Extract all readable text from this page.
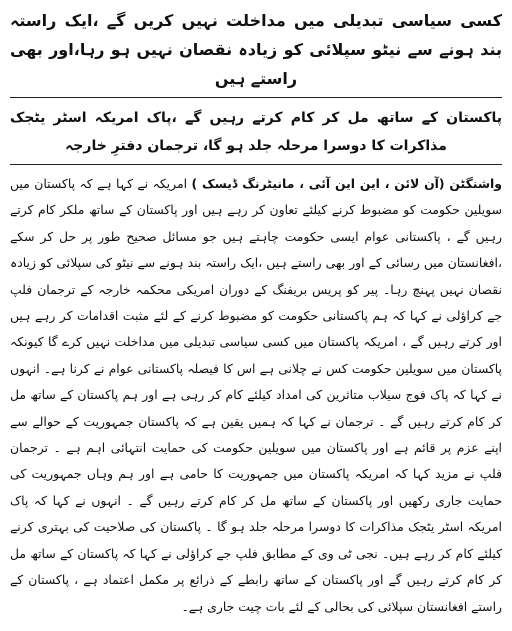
کسی سیاسی تبدیلی میں مداخلت نہیں کریں گے ،ایک راستہ بند ہونے سے نیٹو سپلائی کو زیادہ نقصان نہیں ہو رہا،اور بھی راستے ہیں

پاکستان کے ساتھ مل کر کام کرتے رہیں گے ،پاک امریکہ اسٹر یٹجک مذاکرات کا دوسرا مرحلہ جلد ہو گا، ترجمان دفترِ خارجہ

واشنگٹن (آن لائن ، این این آئی ، مانیٹرنگ ڈیسک ) امریکہ نے کہا ہے کہ پاکستان میں سویلین حکومت کو مضبوط کرنے کیلئے تعاون کر رہے ہیں اور پاکستان کے ساتھ ملکر کام کرتے رہیں گے ، پاکستانی عوام ایسی حکومت چاہتے ہیں جو مسائل صحیح طور پر حل کر سکے ،افغانستان میں رسائی کے اور بھی راستے ہیں ،ایک راستہ بند ہونے سے نیٹو کی سپلائی کو زیادہ نقصان نہیں پہنچ رہا۔ پیر کو پریس بریفنگ کے دوران امریکی محکمہ خارجہ کے ترجمان فلپ جے کراؤلی نے کہا کہ ہم پاکستانی حکومت کو مضبوط کرنے کے لئے مثبت اقدامات کر رہے ہیں اور کرتے رہیں گے ، امریکہ پاکستان میں کسی سیاسی تبدیلی میں مداخلت نہیں کرے گا کیونکہ پاکستان میں سویلین حکومت کس نے چلانی ہے اس کا فیصلہ پاکستانی عوام نے کرنا ہے۔ انہوں نے کہا کہ پاک فوج سیلاب متاثرین کی امداد کیلئے کام کر رہی ہے اور ہم پاکستان کے ساتھ مل کر کام کرتے رہیں گے ۔ ترجمان نے کہا کہ ہمیں یقین ہے کہ پاکستان جمہوریت کے حوالے سے اپنے عزم پر قائم ہے اور پاکستان میں سویلین حکومت کی حمایت انتہائی اہم ہے ۔ ترجمان فلپ نے مزید کہا کہ امریکہ پاکستان میں جمہوریت کا حامی ہے اور ہم وہاں جمہوریت کی حمایت جاری رکھیں اور پاکستان کے ساتھ مل کر کام کرتے رہیں گے ۔ انہوں نے کہا کہ پاک امریکہ اسٹر یٹجک مذاکرات کا دوسرا مرحلہ جلد ہو گا ۔ پاکستان کی صلاحیت کی بہتری کرنے کیلئے کام کر رہے ہیں۔ نجی ٹی وی کے مطابق فلپ جے کراؤلی نے کہا کہ پاکستان کے ساتھ مل کر کام کرتے رہیں گے اور پاکستان کے ساتھ رابطے کے ذرائع پر مکمل اعتماد ہے ، پاکستان کے راستے افغانستان سپلائی کی بحالی کے لئے بات چیت جاری ہے۔
